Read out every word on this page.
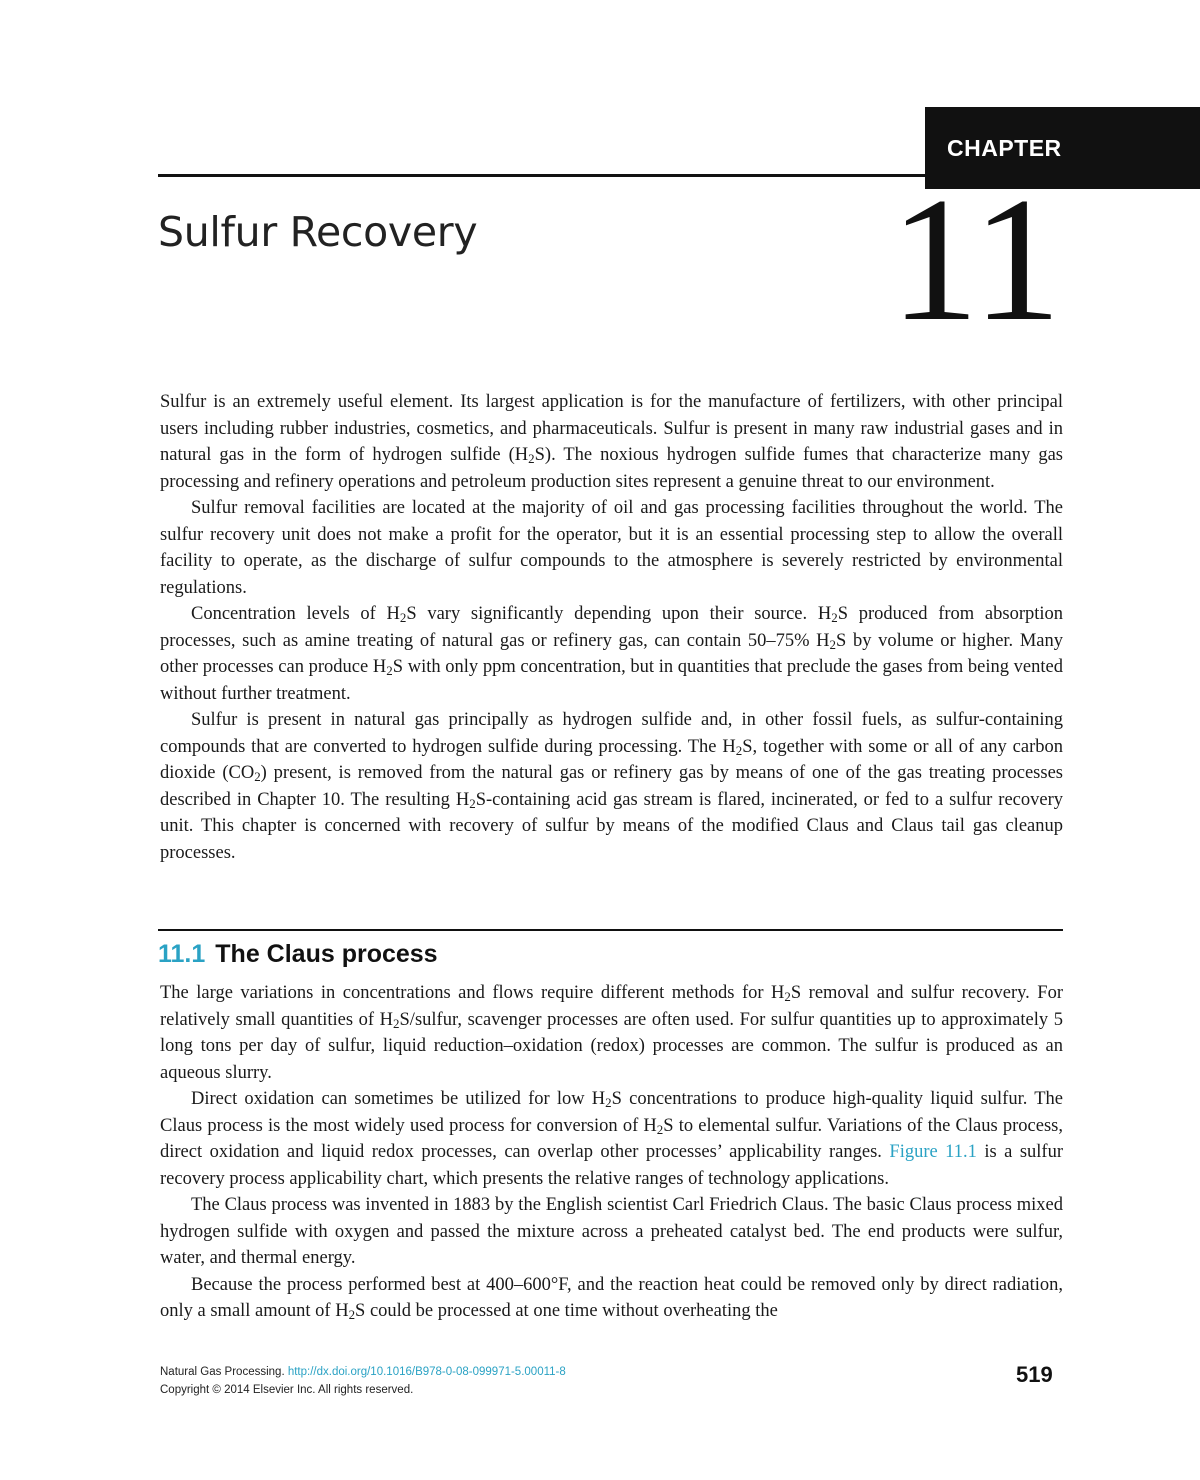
CHAPTER
Sulfur Recovery 11

Sulfur is an extremely useful element. Its largest application is for the manufacture of fertilizers, with other principal users including rubber industries, cosmetics, and pharmaceuticals. Sulfur is present in many raw industrial gases and in natural gas in the form of hydrogen sulfide $(H_2S)$. The noxious hydrogen sulfide fumes that characterize many gas processing and refinery operations and petroleum production sites represent a genuine threat to our environment.

Sulfur removal facilities are located at the majority of oil and gas processing facilities throughout the world. The sulfur recovery unit does not make a profit for the operator, but it is an essential processing step to allow the overall facility to operate, as the discharge of sulfur compounds to the atmosphere is severely restricted by environmental regulations.

Concentration levels of $H_2S$ vary significantly depending upon their source. $H_2S$ produced from absorption processes, such as amine treating of natural gas or refinery gas, can contain 50–75% $H_2S$ by volume or higher. Many other processes can produce $H_2S$ with only ppm concentration, but in quantities that preclude the gases from being vented without further treatment.

Sulfur is present in natural gas principally as hydrogen sulfide and, in other fossil fuels, as sulfur-containing compounds that are converted to hydrogen sulfide during processing. The $H_2S$, together with some or all of any carbon dioxide $(CO_2)$ present, is removed from the natural gas or refinery gas by means of one of the gas treating processes described in Chapter 10. The resulting $H_2S$-containing acid gas stream is flared, incinerated, or fed to a sulfur recovery unit. This chapter is concerned with recovery of sulfur by means of the modified Claus and Claus tail gas cleanup processes.

11.1 The Claus process

The large variations in concentrations and flows require different methods for $H_2S$ removal and sulfur recovery. For relatively small quantities of $H_2S$/sulfur, scavenger processes are often used. For sulfur quantities up to approximately 5 long tons per day of sulfur, liquid reduction–oxidation (redox) processes are common. The sulfur is produced as an aqueous slurry.

Direct oxidation can sometimes be utilized for low $H_2S$ concentrations to produce high-quality liquid sulfur. The Claus process is the most widely used process for conversion of $H_2S$ to elemental sulfur. Variations of the Claus process, direct oxidation and liquid redox processes, can overlap other processes’ applicability ranges. Figure 11.1 is a sulfur recovery process applicability chart, which presents the relative ranges of technology applications.

The Claus process was invented in 1883 by the English scientist Carl Friedrich Claus. The basic Claus process mixed hydrogen sulfide with oxygen and passed the mixture across a preheated catalyst bed. The end products were sulfur, water, and thermal energy.

Because the process performed best at 400–600°F, and the reaction heat could be removed only by direct radiation, only a small amount of $H_2S$ could be processed at one time without overheating the

Natural Gas Processing. http://dx.doi.org/10.1016/B978-0-08-099971-5.00011-8
Copyright © 2014 Elsevier Inc. All rights reserved.
519
